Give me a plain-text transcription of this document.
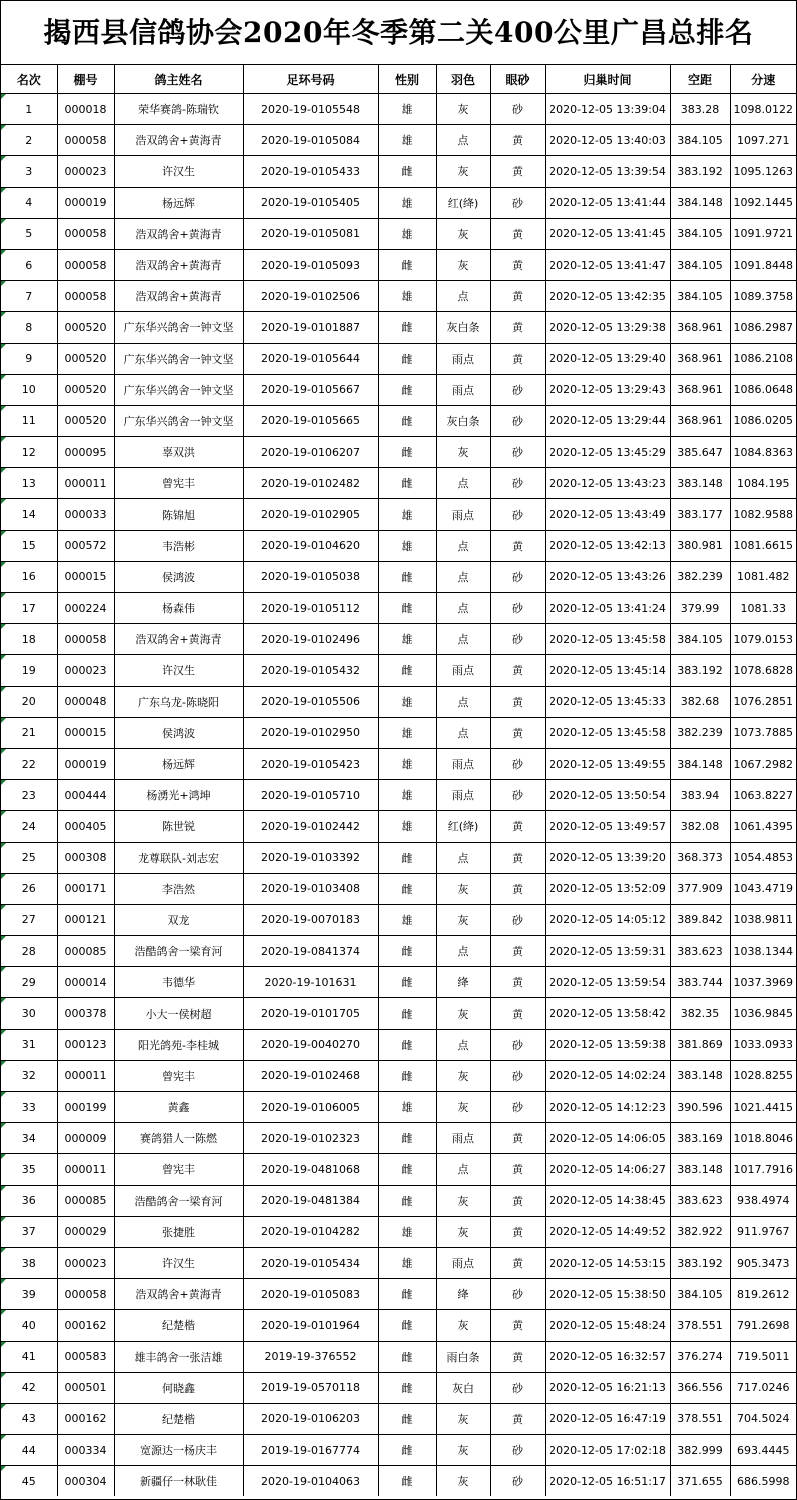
揭西县信鸽协会2020年冬季第二关400公里广昌总排名
名次	棚号	鸽主姓名	足环号码	性别	羽色	眼砂	归巢时间	空距	分速
1	000018	荣华赛鸽-陈瑞钦	2020-19-0105548	雄	灰	砂	2020-12-05 13:39:04	383.28	1098.0122
2	000058	浩双鸽舍+黄海青	2020-19-0105084	雄	点	黄	2020-12-05 13:40:03	384.105	1097.271
3	000023	许汉生	2020-19-0105433	雌	灰	黄	2020-12-05 13:39:54	383.192	1095.1263
4	000019	杨远辉	2020-19-0105405	雄	红(绛)	砂	2020-12-05 13:41:44	384.148	1092.1445
5	000058	浩双鸽舍+黄海青	2020-19-0105081	雄	灰	黄	2020-12-05 13:41:45	384.105	1091.9721
6	000058	浩双鸽舍+黄海青	2020-19-0105093	雌	灰	黄	2020-12-05 13:41:47	384.105	1091.8448
7	000058	浩双鸽舍+黄海青	2020-19-0102506	雄	点	黄	2020-12-05 13:42:35	384.105	1089.3758
8	000520	广东华兴鸽舍一钟文坚	2020-19-0101887	雌	灰白条	黄	2020-12-05 13:29:38	368.961	1086.2987
9	000520	广东华兴鸽舍一钟文坚	2020-19-0105644	雌	雨点	黄	2020-12-05 13:29:40	368.961	1086.2108
10	000520	广东华兴鸽舍一钟文坚	2020-19-0105667	雌	雨点	砂	2020-12-05 13:29:43	368.961	1086.0648
11	000520	广东华兴鸽舍一钟文坚	2020-19-0105665	雌	灰白条	砂	2020-12-05 13:29:44	368.961	1086.0205
12	000095	辜双洪	2020-19-0106207	雌	灰	砂	2020-12-05 13:45:29	385.647	1084.8363
13	000011	曾宪丰	2020-19-0102482	雌	点	砂	2020-12-05 13:43:23	383.148	1084.195
14	000033	陈锦旭	2020-19-0102905	雄	雨点	砂	2020-12-05 13:43:49	383.177	1082.9588
15	000572	韦浩彬	2020-19-0104620	雄	点	黄	2020-12-05 13:42:13	380.981	1081.6615
16	000015	侯鸿波	2020-19-0105038	雌	点	砂	2020-12-05 13:43:26	382.239	1081.482
17	000224	杨森伟	2020-19-0105112	雌	点	砂	2020-12-05 13:41:24	379.99	1081.33
18	000058	浩双鸽舍+黄海青	2020-19-0102496	雄	点	砂	2020-12-05 13:45:58	384.105	1079.0153
19	000023	许汉生	2020-19-0105432	雌	雨点	黄	2020-12-05 13:45:14	383.192	1078.6828
20	000048	广东乌龙-陈晓阳	2020-19-0105506	雄	点	黄	2020-12-05 13:45:33	382.68	1076.2851
21	000015	侯鸿波	2020-19-0102950	雄	点	黄	2020-12-05 13:45:58	382.239	1073.7885
22	000019	杨远辉	2020-19-0105423	雄	雨点	砂	2020-12-05 13:49:55	384.148	1067.2982
23	000444	杨湧光+鸿坤	2020-19-0105710	雄	雨点	砂	2020-12-05 13:50:54	383.94	1063.8227
24	000405	陈世锐	2020-19-0102442	雄	红(绛)	黄	2020-12-05 13:49:57	382.08	1061.4395
25	000308	龙尊联队-刘志宏	2020-19-0103392	雌	点	黄	2020-12-05 13:39:20	368.373	1054.4853
26	000171	李浩然	2020-19-0103408	雌	灰	黄	2020-12-05 13:52:09	377.909	1043.4719
27	000121	双龙	2020-19-0070183	雄	灰	砂	2020-12-05 14:05:12	389.842	1038.9811
28	000085	浩酷鸽舍一梁育河	2020-19-0841374	雌	点	黄	2020-12-05 13:59:31	383.623	1038.1344
29	000014	韦德华	2020-19-101631	雌	绛	黄	2020-12-05 13:59:54	383.744	1037.3969
30	000378	小大一侯树超	2020-19-0101705	雌	灰	黄	2020-12-05 13:58:42	382.35	1036.9845
31	000123	阳光鸽苑-李桂城	2020-19-0040270	雌	点	砂	2020-12-05 13:59:38	381.869	1033.0933
32	000011	曾宪丰	2020-19-0102468	雌	灰	砂	2020-12-05 14:02:24	383.148	1028.8255
33	000199	黄鑫	2020-19-0106005	雄	灰	砂	2020-12-05 14:12:23	390.596	1021.4415
34	000009	赛鸽猎人一陈燃	2020-19-0102323	雌	雨点	黄	2020-12-05 14:06:05	383.169	1018.8046
35	000011	曾宪丰	2020-19-0481068	雌	点	黄	2020-12-05 14:06:27	383.148	1017.7916
36	000085	浩酷鸽舍一梁育河	2020-19-0481384	雌	灰	黄	2020-12-05 14:38:45	383.623	938.4974
37	000029	张捷胜	2020-19-0104282	雄	灰	黄	2020-12-05 14:49:52	382.922	911.9767
38	000023	许汉生	2020-19-0105434	雄	雨点	黄	2020-12-05 14:53:15	383.192	905.3473
39	000058	浩双鸽舍+黄海青	2020-19-0105083	雌	绛	砂	2020-12-05 15:38:50	384.105	819.2612
40	000162	纪楚楷	2020-19-0101964	雌	灰	黄	2020-12-05 15:48:24	378.551	791.2698
41	000583	雄丰鸽舍一张洁雄	2019-19-376552	雌	雨白条	黄	2020-12-05 16:32:57	376.274	719.5011
42	000501	何晓鑫	2019-19-0570118	雌	灰白	砂	2020-12-05 16:21:13	366.556	717.0246
43	000162	纪楚楷	2020-19-0106203	雌	灰	黄	2020-12-05 16:47:19	378.551	704.5024
44	000334	宽源达一杨庆丰	2019-19-0167774	雌	灰	砂	2020-12-05 17:02:18	382.999	693.4445
45	000304	新疆仔一林耿佳	2020-19-0104063	雌	灰	砂	2020-12-05 16:51:17	371.655	686.5998
